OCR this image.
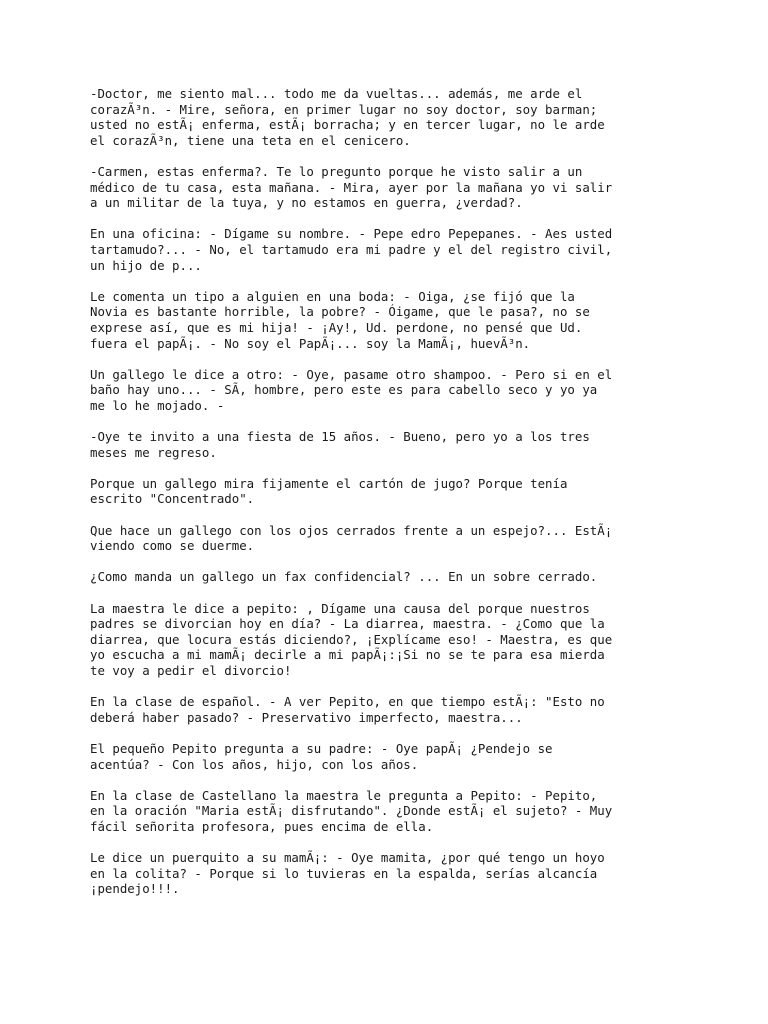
-Doctor, me siento mal... todo me da vueltas... además, me arde el
corazÃ³n. - Mire, señora, en primer lugar no soy doctor, soy barman;
usted no estÃ¡ enferma, estÃ¡ borracha; y en tercer lugar, no le arde
el corazÃ³n, tiene una teta en el cenicero.

-Carmen, estas enferma?. Te lo pregunto porque he visto salir a un
médico de tu casa, esta mañana. - Mira, ayer por la mañana yo vi salir
a un militar de la tuya, y no estamos en guerra, ¿verdad?.

En una oficina: - Dígame su nombre. - Pepe edro Pepepanes. - Aes usted
tartamudo?... - No, el tartamudo era mi padre y el del registro civil,
un hijo de p...

Le comenta un tipo a alguien en una boda: - Oiga, ¿se fijó que la
Novia es bastante horrible, la pobre? - Óigame, que le pasa?, no se
exprese así, que es mi hija! - ¡Ay!, Ud. perdone, no pensé que Ud.
fuera el papÃ¡. - No soy el PapÃ¡... soy la MamÃ¡, huevÃ³n.

Un gallego le dice a otro: - Oye, pasame otro shampoo. - Pero si en el
baño hay uno... - SÃ, hombre, pero este es para cabello seco y yo ya
me lo he mojado. -

-Oye te invito a una fiesta de 15 años. - Bueno, pero yo a los tres
meses me regreso.

Porque un gallego mira fijamente el cartón de jugo? Porque tenía
escrito "Concentrado".

Que hace un gallego con los ojos cerrados frente a un espejo?... EstÃ¡
viendo como se duerme.

¿Como manda un gallego un fax confidencial? ... En un sobre cerrado.

La maestra le dice a pepito: , Dígame una causa del porque nuestros
padres se divorcian hoy en día? - La diarrea, maestra. - ¿Como que la
diarrea, que locura estás diciendo?, ¡Explícame eso! - Maestra, es que
yo escucha a mi mamÃ¡ decirle a mi papÃ¡:¡Si no se te para esa mierda
te voy a pedir el divorcio!

En la clase de español. - A ver Pepito, en que tiempo estÃ¡: "Esto no
deberá haber pasado? - Preservativo imperfecto, maestra...

El pequeño Pepito pregunta a su padre: - Oye papÃ¡ ¿Pendejo se
acentúa? - Con los años, hijo, con los años.

En la clase de Castellano la maestra le pregunta a Pepito: - Pepito,
en la oración "Maria estÃ¡ disfrutando". ¿Donde estÃ¡ el sujeto? - Muy
fácil señorita profesora, pues encima de ella.

Le dice un puerquito a su mamÃ¡: - Oye mamita, ¿por qué tengo un hoyo
en la colita? - Porque si lo tuvieras en la espalda, serías alcancía
¡pendejo!!!.
